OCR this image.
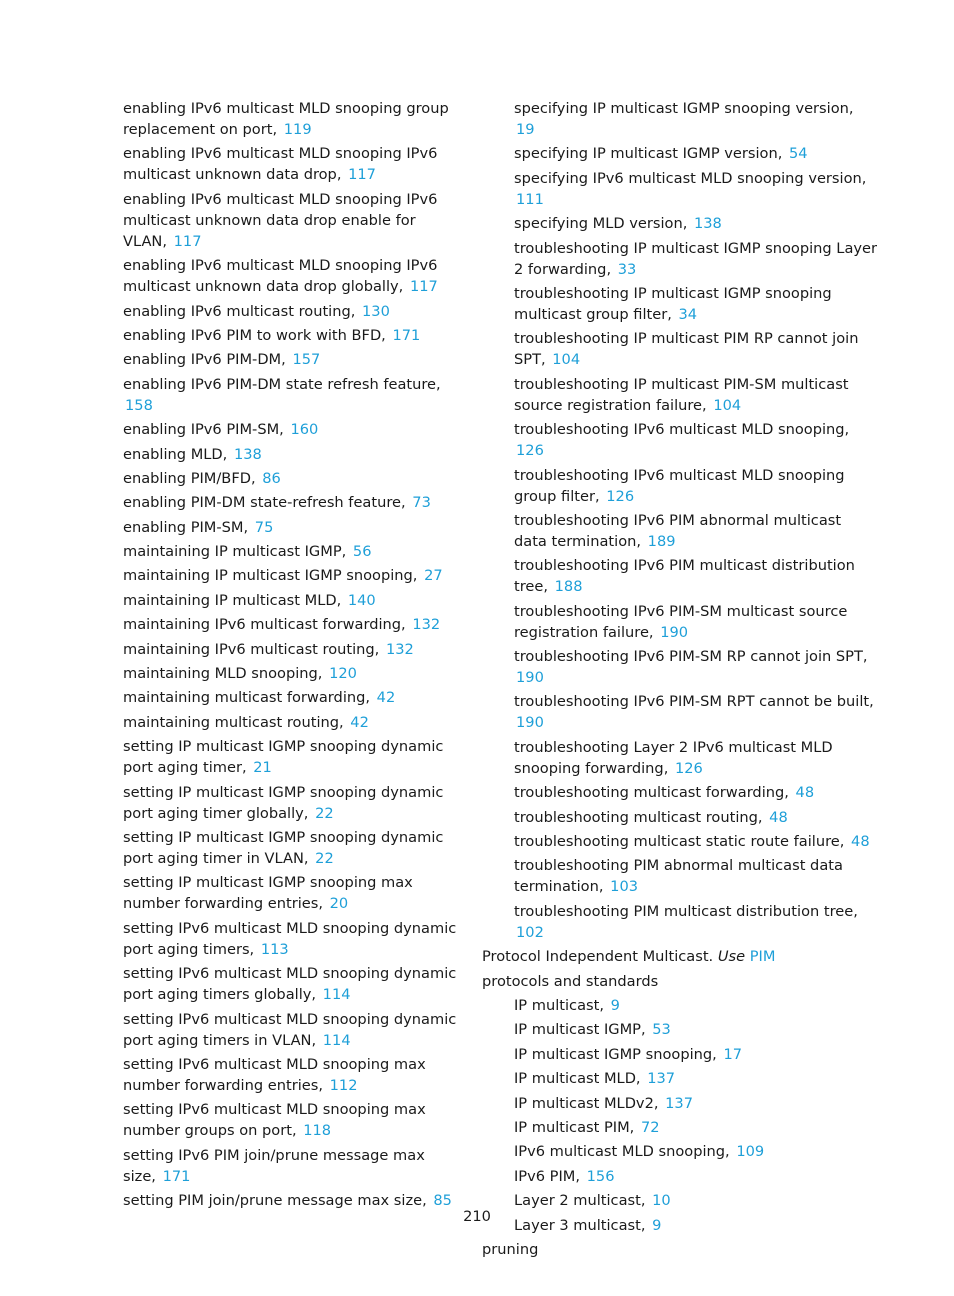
enabling IPv6 multicast MLD snooping group replacement on port, 119
enabling IPv6 multicast MLD snooping IPv6 multicast unknown data drop, 117
enabling IPv6 multicast MLD snooping IPv6 multicast unknown data drop enable for VLAN, 117
enabling IPv6 multicast MLD snooping IPv6 multicast unknown data drop globally, 117
enabling IPv6 multicast routing, 130
enabling IPv6 PIM to work with BFD, 171
enabling IPv6 PIM-DM, 157
enabling IPv6 PIM-DM state refresh feature, 158
enabling IPv6 PIM-SM, 160
enabling MLD, 138
enabling PIM/BFD, 86
enabling PIM-DM state-refresh feature, 73
enabling PIM-SM, 75
maintaining IP multicast IGMP, 56
maintaining IP multicast IGMP snooping, 27
maintaining IP multicast MLD, 140
maintaining IPv6 multicast forwarding, 132
maintaining IPv6 multicast routing, 132
maintaining MLD snooping, 120
maintaining multicast forwarding, 42
maintaining multicast routing, 42
setting IP multicast IGMP snooping dynamic port aging timer, 21
setting IP multicast IGMP snooping dynamic port aging timer globally, 22
setting IP multicast IGMP snooping dynamic port aging timer in VLAN, 22
setting IP multicast IGMP snooping max number forwarding entries, 20
setting IPv6 multicast MLD snooping dynamic port aging timers, 113
setting IPv6 multicast MLD snooping dynamic port aging timers globally, 114
setting IPv6 multicast MLD snooping dynamic port aging timers in VLAN, 114
setting IPv6 multicast MLD snooping max number forwarding entries, 112
setting IPv6 multicast MLD snooping max number groups on port, 118
setting IPv6 PIM join/prune message max size, 171
setting PIM join/prune message max size, 85
specifying IP multicast IGMP snooping version, 19
specifying IP multicast IGMP version, 54
specifying IPv6 multicast MLD snooping version, 111
specifying MLD version, 138
troubleshooting IP multicast IGMP snooping Layer 2 forwarding, 33
troubleshooting IP multicast IGMP snooping multicast group filter, 34
troubleshooting IP multicast PIM RP cannot join SPT, 104
troubleshooting IP multicast PIM-SM multicast source registration failure, 104
troubleshooting IPv6 multicast MLD snooping, 126
troubleshooting IPv6 multicast MLD snooping group filter, 126
troubleshooting IPv6 PIM abnormal multicast data termination, 189
troubleshooting IPv6 PIM multicast distribution tree, 188
troubleshooting IPv6 PIM-SM multicast source registration failure, 190
troubleshooting IPv6 PIM-SM RP cannot join SPT, 190
troubleshooting IPv6 PIM-SM RPT cannot be built, 190
troubleshooting Layer 2 IPv6 multicast MLD snooping forwarding, 126
troubleshooting multicast forwarding, 48
troubleshooting multicast routing, 48
troubleshooting multicast static route failure, 48
troubleshooting PIM abnormal multicast data termination, 103
troubleshooting PIM multicast distribution tree, 102
Protocol Independent Multicast. Use PIM
protocols and standards
IP multicast, 9
IP multicast IGMP, 53
IP multicast IGMP snooping, 17
IP multicast MLD, 137
IP multicast MLDv2, 137
IP multicast PIM, 72
IPv6 multicast MLD snooping, 109
IPv6 PIM, 156
Layer 2 multicast, 10
Layer 3 multicast, 9
pruning
210
